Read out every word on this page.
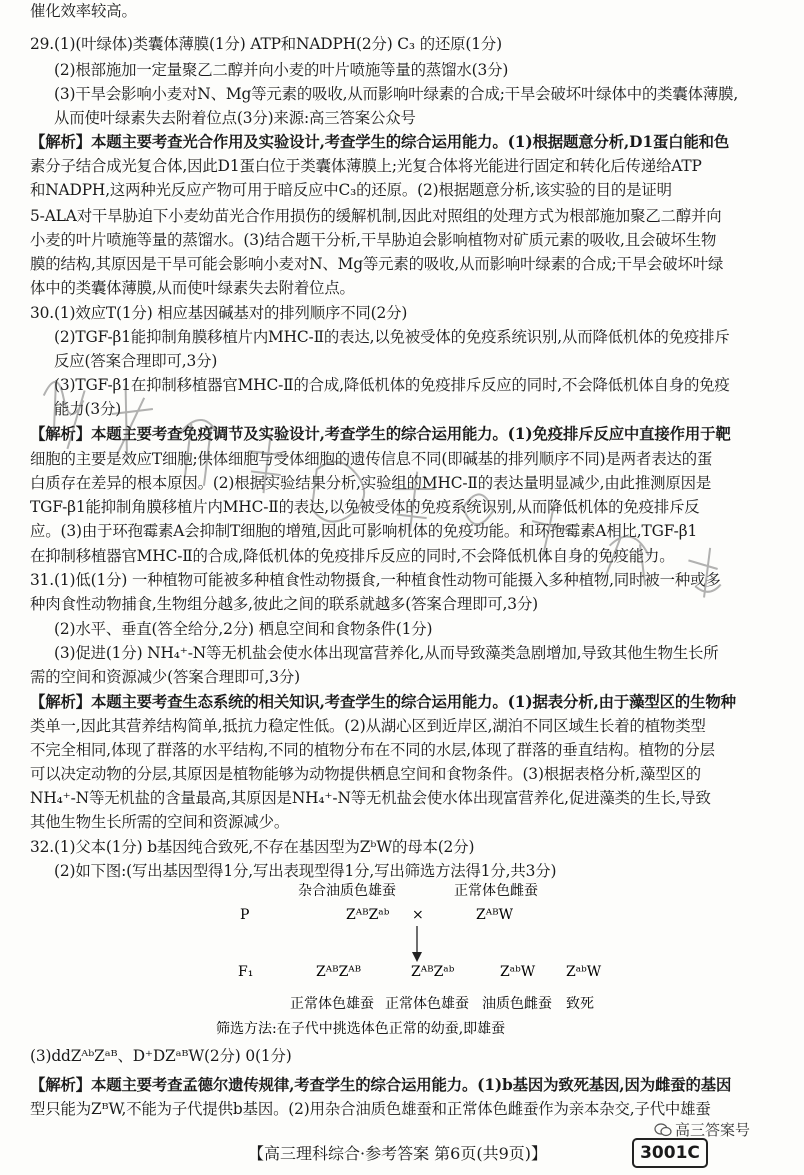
催化效率较高。
29.(1)(叶绿体)类囊体薄膜(1分) ATP和NADPH(2分) C₃ 的还原(1分)
(2)根部施加一定量聚乙二醇并向小麦的叶片喷施等量的蒸馏水(3分)
(3)干旱会影响小麦对N、Mg等元素的吸收,从而影响叶绿素的合成;干旱会破坏叶绿体中的类囊体薄膜,
从而使叶绿素失去附着位点(3分)来源:高三答案公众号
【解析】本题主要考查光合作用及实验设计,考查学生的综合运用能力。(1)根据题意分析,D1蛋白能和色
素分子结合成光复合体,因此D1蛋白位于类囊体薄膜上;光复合体将光能进行固定和转化后传递给ATP
和NADPH,这两种光反应产物可用于暗反应中C₃的还原。(2)根据题意分析,该实验的目的是证明
5-ALA对干旱胁迫下小麦幼苗光合作用损伤的缓解机制,因此对照组的处理方式为根部施加聚乙二醇并向
小麦的叶片喷施等量的蒸馏水。(3)结合题干分析,干旱胁迫会影响植物对矿质元素的吸收,且会破坏生物
膜的结构,其原因是干旱可能会影响小麦对N、Mg等元素的吸收,从而影响叶绿素的合成;干旱会破坏叶绿
体中的类囊体薄膜,从而使叶绿素失去附着位点。
30.(1)效应T(1分) 相应基因碱基对的排列顺序不同(2分)
(2)TGF-β1能抑制角膜移植片内MHC-Ⅱ的表达,以免被受体的免疫系统识别,从而降低机体的免疫排斥
反应(答案合理即可,3分)
(3)TGF-β1在抑制移植器官MHC-Ⅱ的合成,降低机体的免疫排斥反应的同时,不会降低机体自身的免疫
能力(3分)
【解析】本题主要考查免疫调节及实验设计,考查学生的综合运用能力。(1)免疫排斥反应中直接作用于靶
细胞的主要是效应T细胞;供体细胞与受体细胞的遗传信息不同(即碱基的排列顺序不同)是两者表达的蛋
白质存在差异的根本原因。(2)根据实验结果分析,实验组的MHC-Ⅱ的表达量明显减少,由此推测原因是
TGF-β1能抑制角膜移植片内MHC-Ⅱ的表达,以免被受体的免疫系统识别,从而降低机体的免疫排斥反
应。(3)由于环孢霉素A会抑制T细胞的增殖,因此可影响机体的免疫功能。和环孢霉素A相比,TGF-β1
在抑制移植器官MHC-Ⅱ的合成,降低机体的免疫排斥反应的同时,不会降低机体自身的免疫能力。
31.(1)低(1分) 一种植物可能被多种植食性动物摄食,一种植食性动物可能摄入多种植物,同时被一种或多
种肉食性动物捕食,生物组分越多,彼此之间的联系就越多(答案合理即可,3分)
(2)水平、垂直(答全给分,2分) 栖息空间和食物条件(1分)
(3)促进(1分) NH₄⁺-N等无机盐会使水体出现富营养化,从而导致藻类急剧增加,导致其他生物生长所
需的空间和资源减少(答案合理即可,3分)
【解析】本题主要考查生态系统的相关知识,考查学生的综合运用能力。(1)据表分析,由于藻型区的生物种
类单一,因此其营养结构简单,抵抗力稳定性低。(2)从湖心区到近岸区,湖泊不同区域生长着的植物类型
不完全相同,体现了群落的水平结构,不同的植物分布在不同的水层,体现了群落的垂直结构。植物的分层
可以决定动物的分层,其原因是植物能够为动物提供栖息空间和食物条件。(3)根据表格分析,藻型区的
NH₄⁺-N等无机盐的含量最高,其原因是NH₄⁺-N等无机盐会使水体出现富营养化,促进藻类的生长,导致
其他生物生长所需的空间和资源减少。
32.(1)父本(1分) b基因纯合致死,不存在基因型为ZᵇW的母本(2分)
(2)如下图:(写出基因型得1分,写出表现型得1分,写出筛选方法得1分,共3分)
杂合油质色雄蚕	正常体色雌蚕
P	ZᴬᴮZᵃᵇ ×	ZᴬᴮW
F₁	ZᴬᴮZᴬᴮ	ZᴬᴮZᵃᵇ	ZᵃᵇW ZᵃᵇW
正常体色雄蚕 正常体色雄蚕 油质色雌蚕 致死
筛选方法:在子代中挑选体色正常的幼蚕,即雄蚕
(3)ddZᴬᵇZᵃᴮ、D⁺DZᵃᴮW(2分) 0(1分)
【解析】本题主要考查孟德尔遗传规律,考查学生的综合运用能力。(1)b基因为致死基因,因为雌蚕的基因
型只能为ZᴮW,不能为子代提供b基因。(2)用杂合油质色雄蚕和正常体色雌蚕作为亲本杂交,子代中雄蚕
高三答案号
【高三理科综合·参考答案 第6页(共9页)】	3001C
